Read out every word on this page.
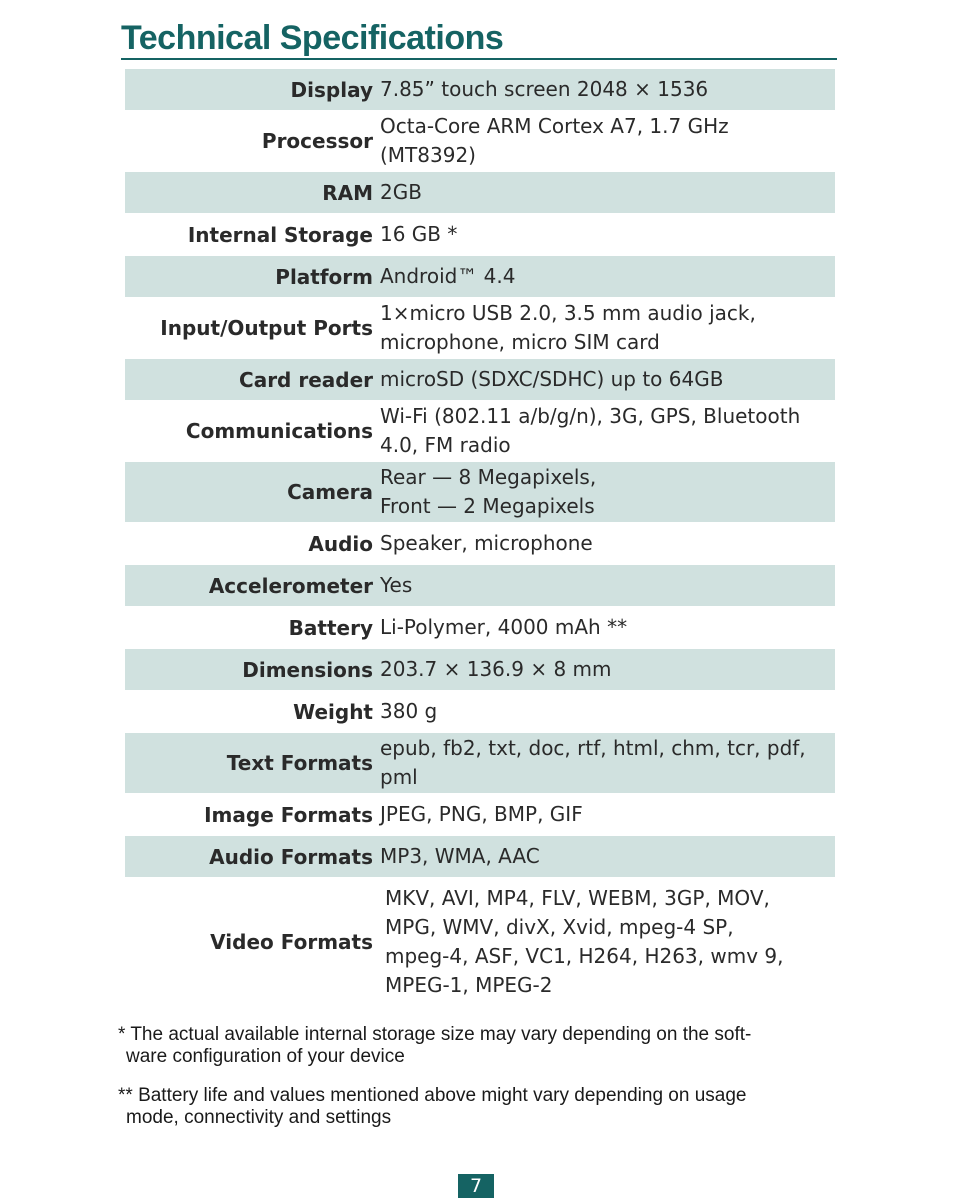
Technical Specifications
Display 7.85” touch screen 2048 × 1536
Processor
Octa-Core ARM Cortex A7, 1.7 GHz
(MT8392)
RAM 2GB
Internal Storage 16 GB *
Platform Android™ 4.4
Input/Output Ports
1×micro USB 2.0, 3.5 mm audio jack,
microphone, micro SIM card
Card reader microSD (SDXC/SDHC) up to 64GB
Communications
Wi-Fi (802.11 a/b/g/n), 3G, GPS, Bluetooth
4.0, FM radio
Camera
Rear — 8 Megapixels,
Front — 2 Megapixels
Audio Speaker, microphone
Accelerometer Yes
Battery Li-Polymer, 4000 mAh **
Dimensions 203.7 × 136.9 × 8 mm
Weight 380 g
Text Formats
epub, fb2, txt, doc, rtf, html, chm, tcr, pdf,
pml
Image Formats JPEG, PNG, BMP, GIF
Audio Formats MP3, WMA, AAC
Video Formats
MKV, AVI, MP4, FLV, WEBM, 3GP, MOV,
MPG, WMV, divX, Xvid, mpeg-4 SP,
mpeg-4, ASF, VC1, H264, H263, wmv 9,
MPEG-1, MPEG-2
* The actual available internal storage size may vary depending on the soft-
ware configuration of your device
** Battery life and values mentioned above might vary depending on usage
mode, connectivity and settings
7
